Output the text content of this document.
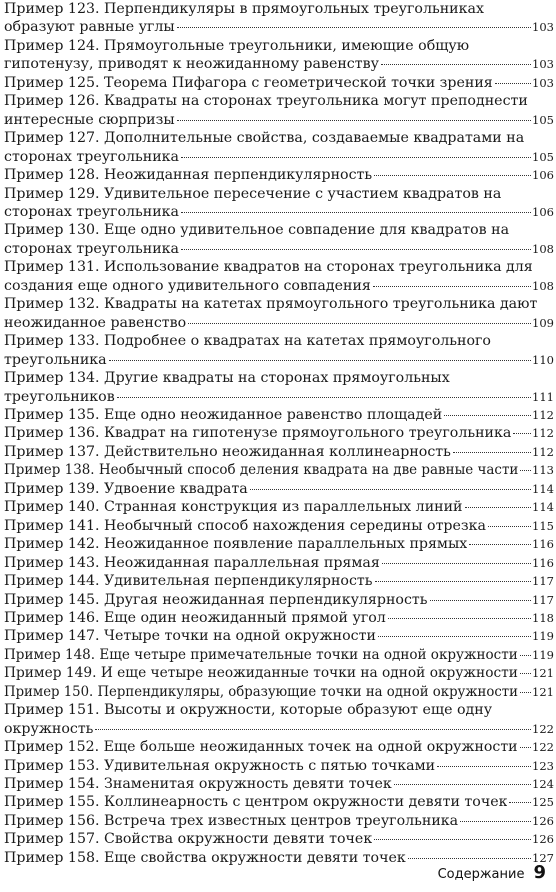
Пример 123. Перпендикуляры в прямоугольных треугольниках
образуют равные углы	103
Пример 124. Прямоугольные треугольники, имеющие общую
гипотенузу, приводят к неожиданному равенству	103
Пример 125. Теорема Пифагора с геометрической точки зрения	103
Пример 126. Квадраты на сторонах треугольника могут преподнести
интересные сюрпризы	105
Пример 127. Дополнительные свойства, создаваемые квадратами на
сторонах треугольника	105
Пример 128. Неожиданная перпендикулярность	106
Пример 129. Удивительное пересечение с участием квадратов на
сторонах треугольника	106
Пример 130. Еще одно удивительное совпадение для квадратов на
сторонах треугольника	108
Пример 131. Использование квадратов на сторонах треугольника для
создания еще одного удивительного совпадения	108
Пример 132. Квадраты на катетах прямоугольного треугольника дают
неожиданное равенство	109
Пример 133. Подробнее о квадратах на катетах прямоугольного
треугольника	110
Пример 134. Другие квадраты на сторонах прямоугольных
треугольников	111
Пример 135. Еще одно неожиданное равенство площадей	112
Пример 136. Квадрат на гипотенузе прямоугольного треугольника 112
Пример 137. Действительно неожиданная коллинеарность	112
Пример 138. Необычный способ деления квадрата на две равные части 113
Пример 139. Удвоение квадрата	114
Пример 140. Странная конструкция из параллельных линий	114
Пример 141. Необычный способ нахождения середины отрезка	115
Пример 142. Неожиданное появление параллельных прямых	116
Пример 143. Неожиданная параллельная прямая	116
Пример 144. Удивительная перпендикулярность	117
Пример 145. Другая неожиданная перпендикулярность	117
Пример 146. Еще один неожиданный прямой угол	118
Пример 147. Четыре точки на одной окружности	119
Пример 148. Еще четыре примечательные точки на одной окружности 119
Пример 149. И еще четыре неожиданные точки на одной окружности 121
Пример 150. Перпендикуляры, образующие точки на одной окружности 121
Пример 151. Высоты и окружности, которые образуют еще одну
окружность	122
Пример 152. Еще больше неожиданных точек на одной окружности 122
Пример 153. Удивительная окружность с пятью точками	123
Пример 154. Знаменитая окружность девяти точек	124
Пример 155. Коллинеарность с центром окружности девяти точек 125
Пример 156. Встреча трех известных центров треугольника	126
Пример 157. Свойства окружности девяти точек	126
Пример 158. Еще свойства окружности девяти точек	127
Содержание 9
